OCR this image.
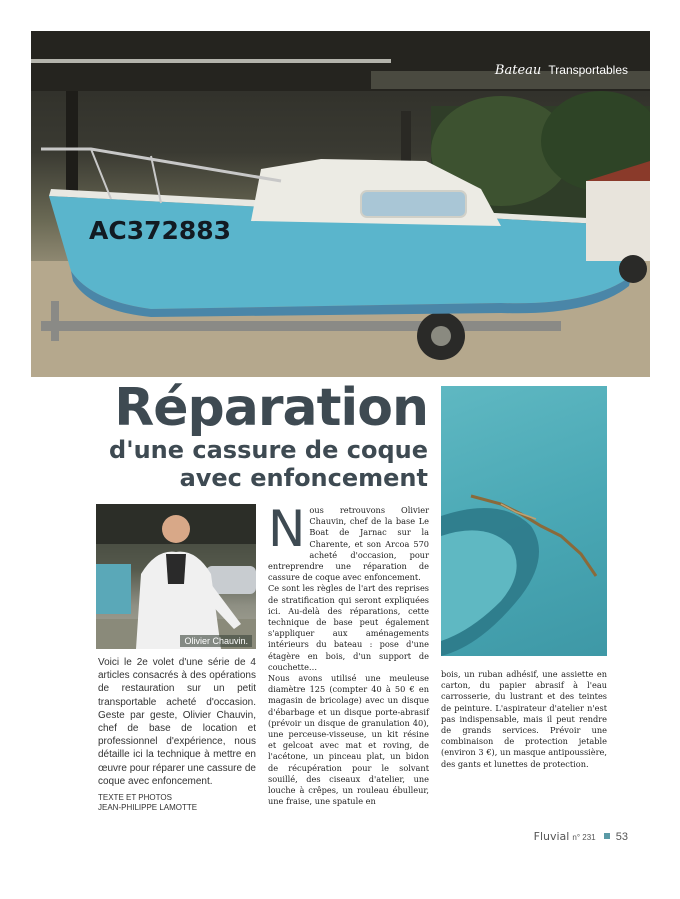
AC372883
Bateau Transportables
Réparation
d'une cassure de coque
avec enfoncement
Olivier Chauvin.
Voici le 2e volet d'une série de 4 articles consacrés à des opérations de restauration sur un petit transportable acheté d'occasion. Geste par geste, Olivier Chauvin, chef de base de location et professionnel d'expérience, nous détaille ici la technique à mettre en œuvre pour réparer une cassure de coque avec enfoncement.
TEXTE ET PHOTOS
JEAN-PHILIPPE LAMOTTE
N ous retrouvons Olivier Chauvin, chef de la base Le Boat de Jarnac sur la Charente, et son Arcoa 570 acheté d'occasion, pour entreprendre une réparation de cassure de coque avec enfoncement.

Ce sont les règles de l'art des reprises de stratification qui seront expliquées ici. Au-delà des réparations, cette technique de base peut également s'appliquer aux aménagements intérieurs du bateau : pose d'une étagère en bois, d'un support de couchette…

Nous avons utilisé une meuleuse diamètre 125 (compter 40 à 50 € en magasin de bricolage) avec un disque d'ébarbage et un disque porte-abrasif (prévoir un disque de granulation 40), une perceuse-visseuse, un kit résine et gelcoat avec mat et roving, de l'acétone, un pinceau plat, un bidon de récupération pour le solvant souillé, des ciseaux d'atelier, une louche à crêpes, un rouleau ébulleur, une fraise, une spatule en

bois, un ruban adhésif, une assiette en carton, du papier abrasif à l'eau carrosserie, du lustrant et des teintes de peinture. L'aspirateur d'atelier n'est pas indispensable, mais il peut rendre de grands services. Prévoir une combinaison de protection jetable (environ 3 €), un masque antipoussière, des gants et lunettes de protection.
Fluvial n° 231 53
